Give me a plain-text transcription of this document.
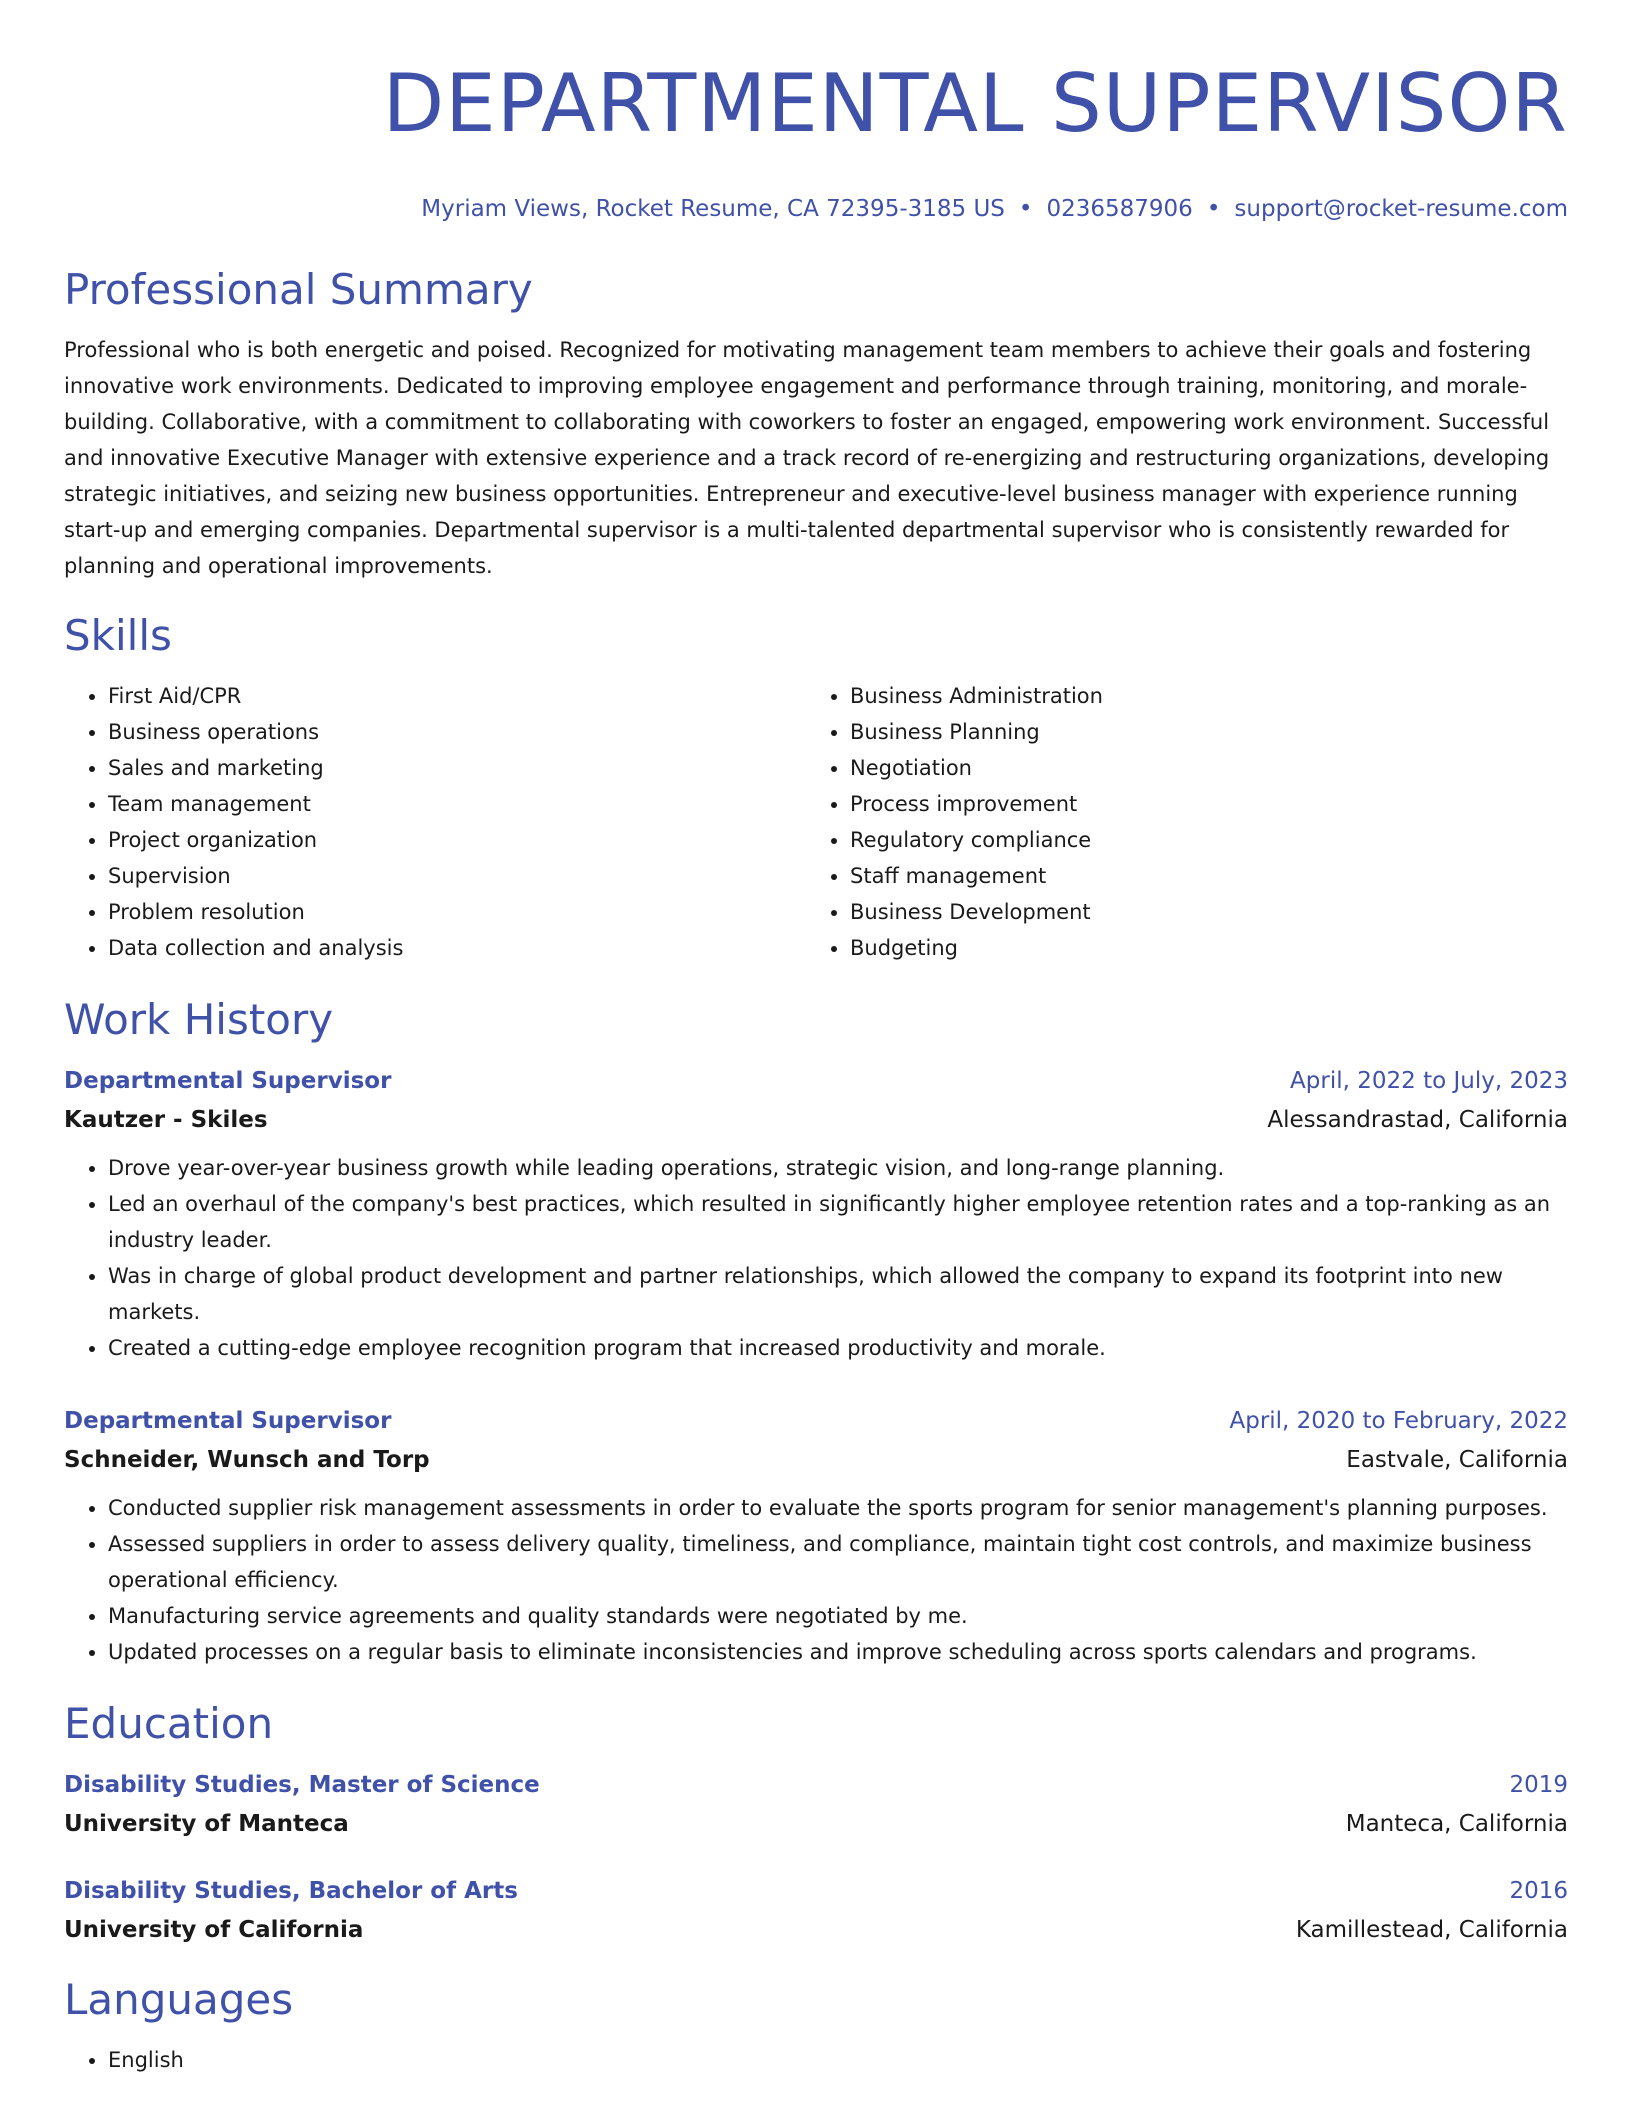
DEPARTMENTAL SUPERVISOR
Myriam Views, Rocket Resume, CA 72395-3185 US • 0236587906 • support@rocket-resume.com
Professional Summary

Professional who is both energetic and poised. Recognized for motivating management team members to achieve their goals and fostering innovative work environments. Dedicated to improving employee engagement and performance through training, monitoring, and morale-building. Collaborative, with a commitment to collaborating with coworkers to foster an engaged, empowering work environment. Successful and innovative Executive Manager with extensive experience and a track record of re-energizing and restructuring organizations, developing strategic initiatives, and seizing new business opportunities. Entrepreneur and executive-level business manager with experience running start-up and emerging companies. Departmental supervisor is a multi-talented departmental supervisor who is consistently rewarded for planning and operational improvements.

Skills
• First Aid/CPR
• Business operations
• Sales and marketing
• Team management
• Project organization
• Supervision
• Problem resolution
• Data collection and analysis
• Business Administration
• Business Planning
• Negotiation
• Process improvement
• Regulatory compliance
• Staff management
• Business Development
• Budgeting
Work History
Departmental Supervisor	April, 2022 to July, 2023
Kautzer - Skiles	Alessandrastad, California
• Drove year-over-year business growth while leading operations, strategic vision, and long-range planning.
• Led an overhaul of the company's best practices, which resulted in significantly higher employee retention rates and a top-ranking as an industry leader.
• Was in charge of global product development and partner relationships, which allowed the company to expand its footprint into new markets.
• Created a cutting-edge employee recognition program that increased productivity and morale.
Departmental Supervisor	April, 2020 to February, 2022
Schneider, Wunsch and Torp	Eastvale, California
• Conducted supplier risk management assessments in order to evaluate the sports program for senior management's planning purposes.
• Assessed suppliers in order to assess delivery quality, timeliness, and compliance, maintain tight cost controls, and maximize business operational efficiency.
• Manufacturing service agreements and quality standards were negotiated by me.
• Updated processes on a regular basis to eliminate inconsistencies and improve scheduling across sports calendars and programs.
Education
Disability Studies, Master of Science	2019
University of Manteca	Manteca, California
Disability Studies, Bachelor of Arts	2016
University of California	Kamillestead, California
Languages
• English
